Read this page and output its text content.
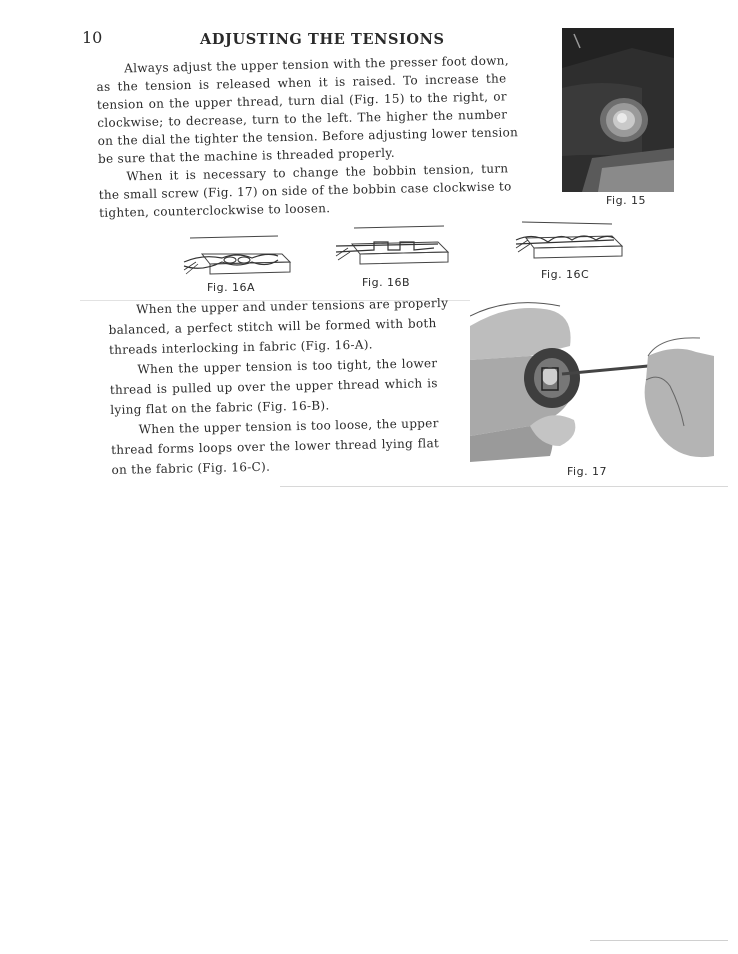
10	ADJUSTING THE TENSIONS
Always adjust the upper tension with the presser foot down,
as the tension is released when it is raised. To increase the
tension on the upper thread, turn dial (Fig. 15) to the right, or
clockwise; to decrease, turn to the left. The higher the number
on the dial the tighter the tension. Before adjusting lower tension
be sure that the machine is threaded properly.
When it is necessary to change the bobbin tension, turn
the small screw (Fig. 17) on side of the bobbin case clockwise to
tighten, counterclockwise to loosen.
Fig. 15
Fig. 16A	Fig. 16B
Fig. 16C
When the upper and under tensions are properly
balanced, a perfect stitch will be formed with both
threads interlocking in fabric (Fig. 16-A).
When the upper tension is too tight, the lower
thread is pulled up over the upper thread which is
lying flat on the fabric (Fig. 16-B).
When the upper tension is too loose, the upper
thread forms loops over the lower thread lying flat
on the fabric (Fig. 16-C).	Fig. 17
